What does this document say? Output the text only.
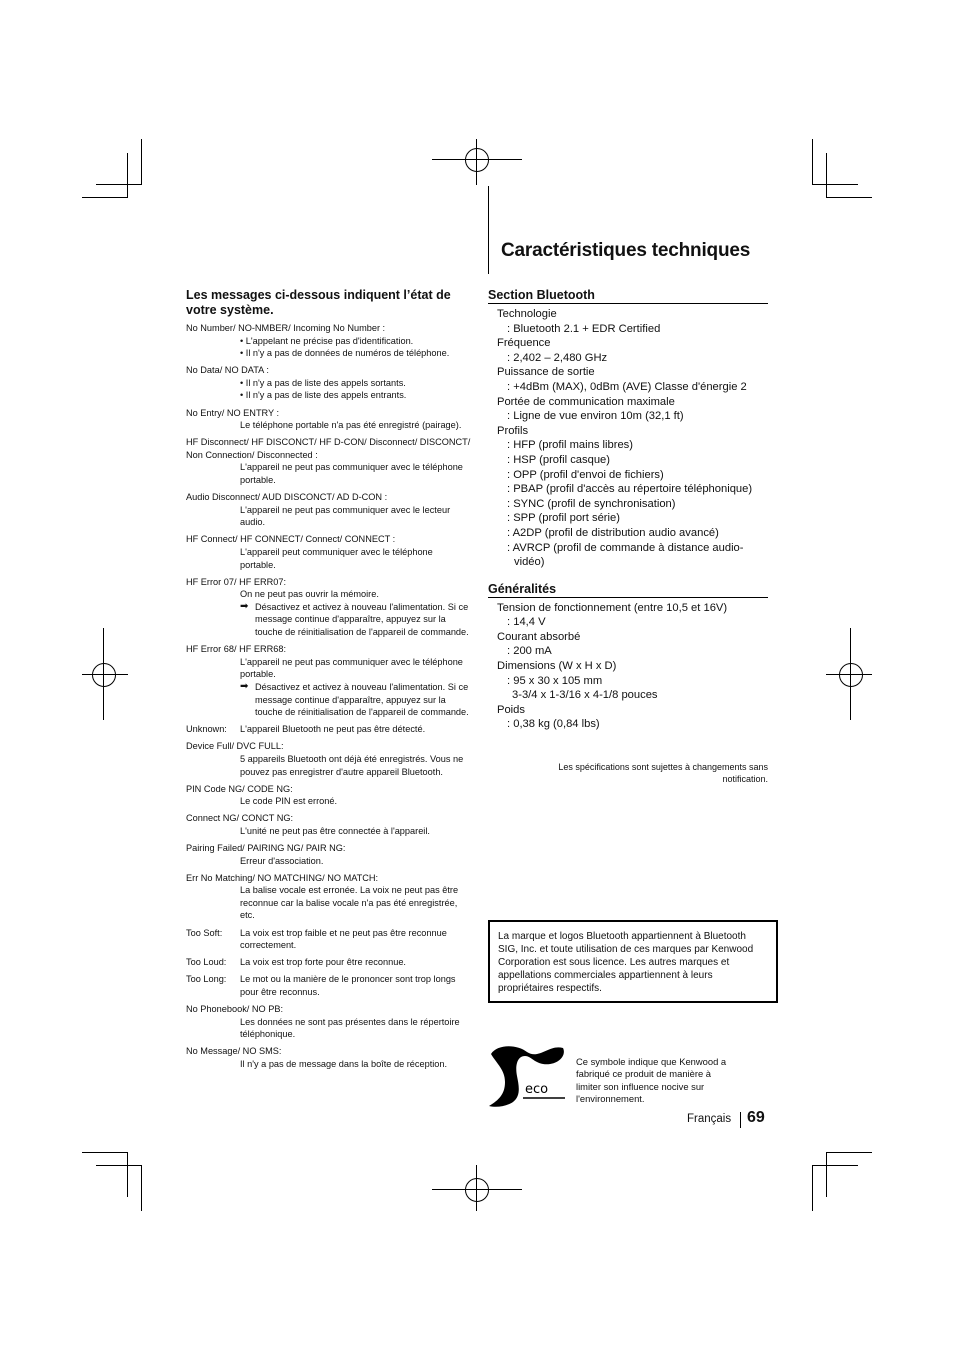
Caractéristiques techniques
Les messages ci-dessous indiquent l’état de votre système.
No Number/ NO-NMBER/ Incoming No Number :
• L'appelant ne précise pas d'identification.
• Il n'y a pas de données de numéros de téléphone.
No Data/ NO DATA :
• Il n'y a pas de liste des appels sortants.
• Il n'y a pas de liste des appels entrants.
No Entry/ NO ENTRY :
Le téléphone portable n'a pas été enregistré (pairage).
HF Disconnect/ HF DISCONCT/ HF D-CON/ Disconnect/ DISCONCT/ Non Connection/ Disconnected :
L'appareil ne peut pas communiquer avec le téléphone portable.
Audio Disconnect/ AUD DISCONCT/ AD D-CON :
L'appareil ne peut pas communiquer avec le lecteur audio.
HF Connect/ HF CONNECT/ Connect/ CONNECT :
L'appareil peut communiquer avec le téléphone portable.
HF Error 07/ HF ERR07:
On ne peut pas ouvrir la mémoire.
➡ Désactivez et activez à nouveau l'alimentation. Si ce message continue d'apparaître, appuyez sur la touche de réinitialisation de l'appareil de commande.
HF Error 68/ HF ERR68:
L'appareil ne peut pas communiquer avec le téléphone portable.
➡ Désactivez et activez à nouveau l'alimentation. Si ce message continue d'apparaître, appuyez sur la touche de réinitialisation de l'appareil de commande.
Unknown:	L'appareil Bluetooth ne peut pas être détecté.
Device Full/ DVC FULL:
5 appareils Bluetooth ont déjà été enregistrés. Vous ne pouvez pas enregistrer d'autre appareil Bluetooth.
PIN Code NG/ CODE NG:
Le code PIN est erroné.
Connect NG/ CONCT NG:
L'unité ne peut pas être connectée à l'appareil.
Pairing Failed/ PAIRING NG/ PAIR NG:
Erreur d'association.
Err No Matching/ NO MATCHING/ NO MATCH:
La balise vocale est erronée. La voix ne peut pas être reconnue car la balise vocale n'a pas été enregistrée, etc.
Too Soft:	La voix est trop faible et ne peut pas être reconnue correctement.
Too Loud:	La voix est trop forte pour être reconnue.
Too Long:	Le mot ou la manière de le prononcer sont trop longs pour être reconnus.
No Phonebook/ NO PB:
Les données ne sont pas présentes dans le répertoire téléphonique.
No Message/ NO SMS:
Il n'y a pas de message dans la boîte de réception.
Section Bluetooth
Technologie
: Bluetooth 2.1 + EDR Certified
Fréquence
: 2,402 – 2,480 GHz
Puissance de sortie
: +4dBm (MAX), 0dBm (AVE) Classe d'énergie 2
Portée de communication maximale
: Ligne de vue environ 10m (32,1 ft)
Profils
: HFP (profil mains libres)
: HSP (profil casque)
: OPP (profil d'envoi de fichiers)
: PBAP (profil d'accès au répertoire téléphonique)
: SYNC (profil de synchronisation)
: SPP (profil port série)
: A2DP (profil de distribution audio avancé)
: AVRCP (profil de commande à distance audio-vidéo)
Généralités
Tension de fonctionnement (entre 10,5 et 16V)
: 14,4 V
Courant absorbé
: 200 mA
Dimensions (W x H x D)
: 95 x 30 x 105 mm
3-3/4 x 1-3/16 x 4-1/8 pouces
Poids
: 0,38 kg (0,84 lbs)
Les spécifications sont sujettes à changements sans notification.
La marque et logos Bluetooth appartiennent à Bluetooth SIG, Inc. et toute utilisation de ces marques par Kenwood Corporation est sous licence. Les autres marques et appellations commerciales appartiennent à leurs propriétaires respectifs.
eco
Ce symbole indique que Kenwood a fabriqué ce produit de manière à limiter son influence nocive sur l'environnement.
Français 69
